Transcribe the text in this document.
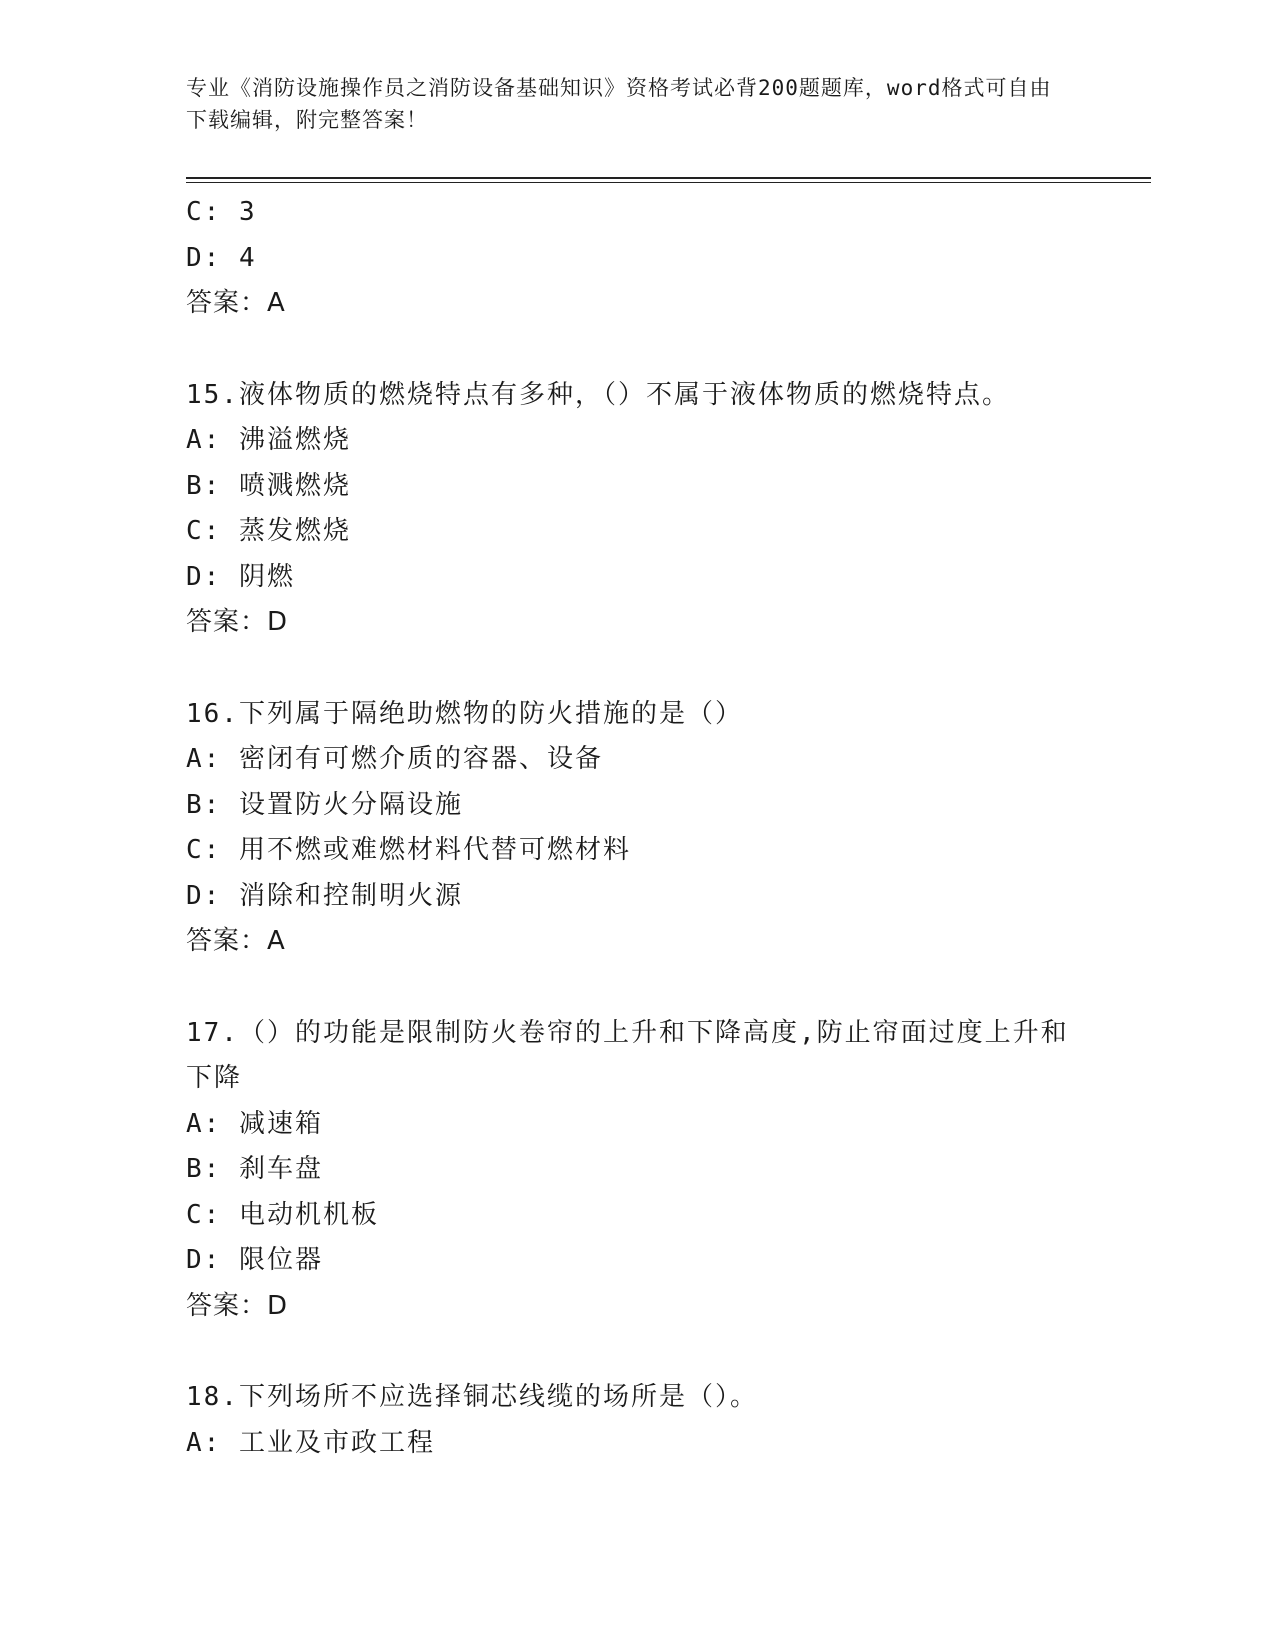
专业《消防设施操作员之消防设备基础知识》资格考试必背200题题库，word格式可自由下载编辑，附完整答案！
C: 3
D: 4
答案：A
15.液体物质的燃烧特点有多种，（）不属于液体物质的燃烧特点。
A: 沸溢燃烧
B: 喷溅燃烧
C: 蒸发燃烧
D: 阴燃
答案：D
16.下列属于隔绝助燃物的防火措施的是（）
A: 密闭有可燃介质的容器、设备
B: 设置防火分隔设施
C: 用不燃或难燃材料代替可燃材料
D: 消除和控制明火源
答案：A
17.（）的功能是限制防火卷帘的上升和下降高度,防止帘面过度上升和下降
A: 减速箱
B: 刹车盘
C: 电动机机板
D: 限位器
答案：D
18.下列场所不应选择铜芯线缆的场所是（）。
A: 工业及市政工程
